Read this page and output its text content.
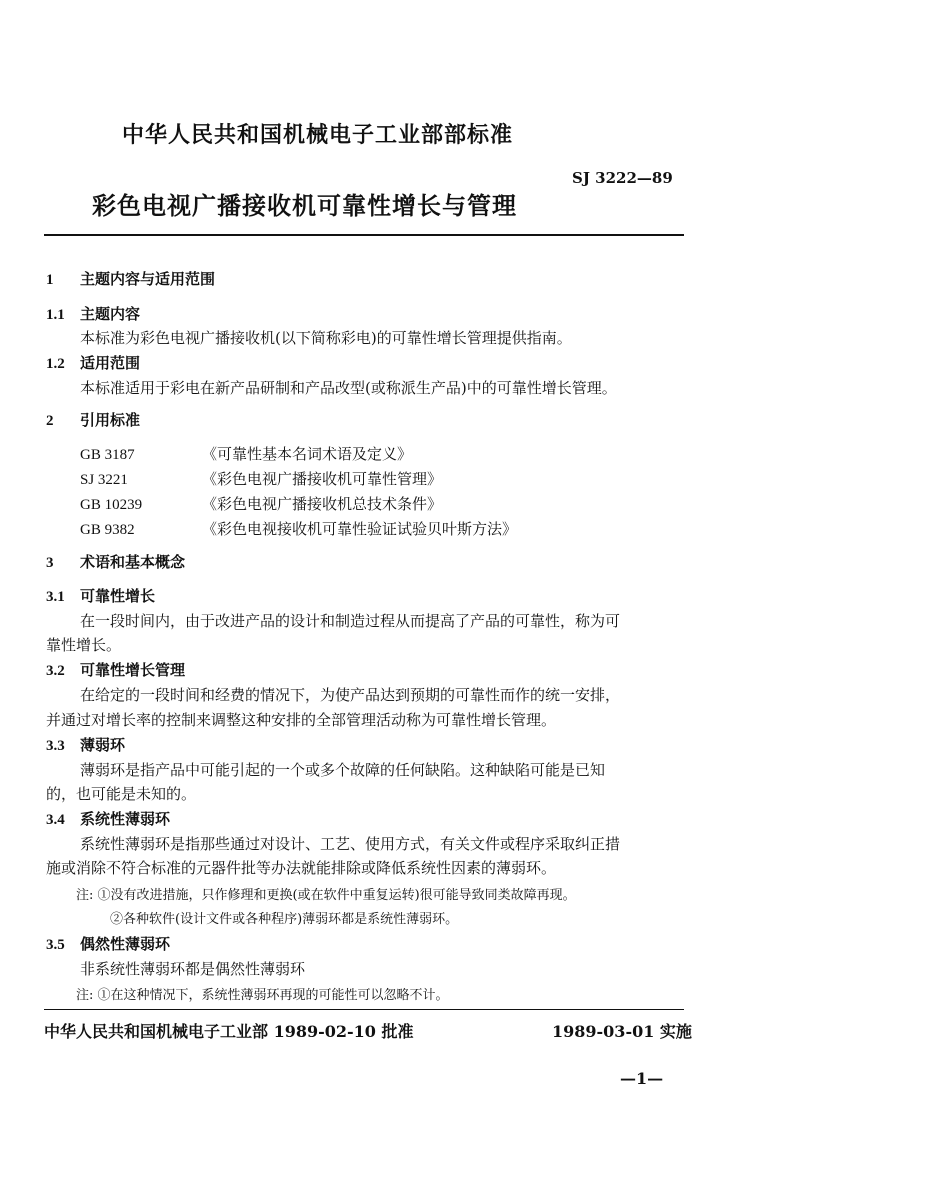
中华人民共和国机械电子工业部部标准
SJ 3222—89
彩色电视广播接收机可靠性增长与管理
1 主题内容与适用范围
1.1 主题内容
本标准为彩色电视广播接收机(以下简称彩电)的可靠性增长管理提供指南。
1.2 适用范围
本标准适用于彩电在新产品研制和产品改型(或称派生产品)中的可靠性增长管理。
2 引用标准
GB 3187	《可靠性基本名词术语及定义》
SJ 3221	《彩色电视广播接收机可靠性管理》
GB 10239	《彩色电视广播接收机总技术条件》
GB 9382	《彩色电视接收机可靠性验证试验贝叶斯方法》
3 术语和基本概念
3.1 可靠性增长
在一段时间内，由于改进产品的设计和制造过程从而提高了产品的可靠性，称为可
靠性增长。
3.2 可靠性增长管理
在给定的一段时间和经费的情况下，为使产品达到预期的可靠性而作的统一安排，
并通过对增长率的控制来调整这种安排的全部管理活动称为可靠性增长管理。
3.3 薄弱环
薄弱环是指产品中可能引起的一个或多个故障的任何缺陷。这种缺陷可能是已知
的，也可能是未知的。
3.4 系统性薄弱环
系统性薄弱环是指那些通过对设计、工艺、使用方式，有关文件或程序采取纠正措
施或消除不符合标准的元器件批等办法就能排除或降低系统性因素的薄弱环。
注: ①没有改进措施，只作修理和更换(或在软件中重复运转)很可能导致同类故障再现。
②各种软件(设计文件或各种程序)薄弱环都是系统性薄弱环。
3.5 偶然性薄弱环
非系统性薄弱环都是偶然性薄弱环
注: ①在这种情况下，系统性薄弱环再现的可能性可以忽略不计。
中华人民共和国机械电子工业部 1989-02-10 批准	1989-03-01 实施
—1—
